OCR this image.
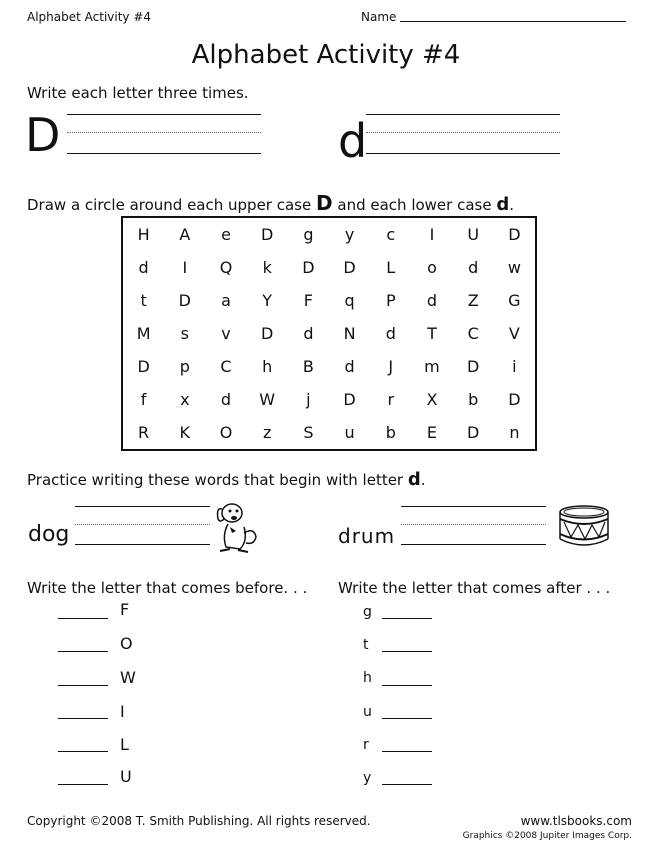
Alphabet Activity #4	Name
Alphabet Activity #4
Write each letter three times.
D	d
Draw a circle around each upper case D and each lower case d.
H	A	e	D	g	y	c	I	U	D
d	I	Q	k	D	D	L	o	d	w
t	D	a	Y	F	q	P	d	Z	G
M	s	v	D	d	N	d	T	C	V
D	p	C	h	B	d	J	m	D	i
f	x	d	W	j	D	r	X	b	D
R	K	O	z	S	u	b	E	D	n
Practice writing these words that begin with letter d.
dog	drum
Write the letter that comes before. . . Write the letter that comes after . . .
F
O
W
I
L
U
g
t
h
u
r
y
Copyright ©2008 T. Smith Publishing. All rights reserved.	www.tlsbooks.com
Graphics ©2008 Jupiter Images Corp.
